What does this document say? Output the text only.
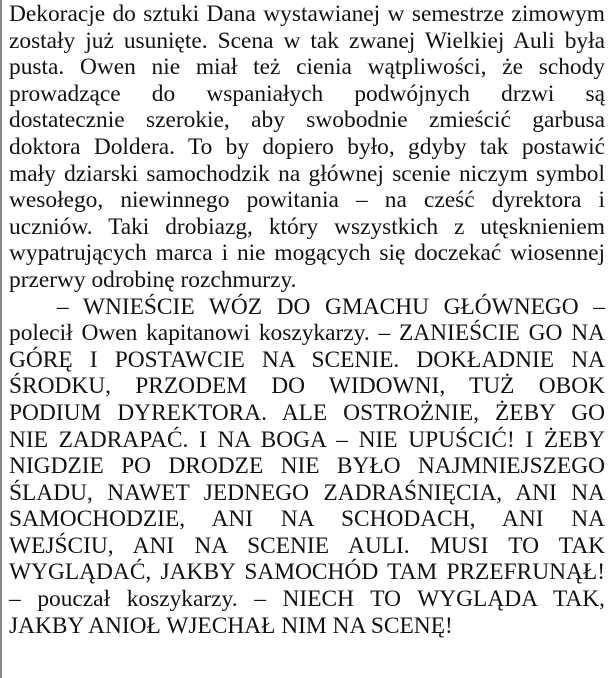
Dekoracje do sztuki Dana wystawianej w semestrze zimowym
zostały już usunięte. Scena w tak zwanej Wielkiej Auli była
pusta. Owen nie miał też cienia wątpliwości, że schody
prowadzące do wspaniałych podwójnych drzwi są
dostatecznie szerokie, aby swobodnie zmieścić garbusa
doktora Doldera. To by dopiero było, gdyby tak postawić
mały dziarski samochodzik na głównej scenie niczym symbol
wesołego, niewinnego powitania – na cześć dyrektora i
uczniów. Taki drobiazg, który wszystkich z utęsknieniem
wypatrujących marca i nie mogących się doczekać wiosennej
przerwy odrobinę rozchmurzy.
– WNIEŚCIE WÓZ DO GMACHU GŁÓWNEGO –
polecił Owen kapitanowi koszykarzy. – ZANIEŚCIE GO NA
GÓRĘ I POSTAWCIE NA SCENIE. DOKŁADNIE NA
ŚRODKU, PRZODEM DO WIDOWNI, TUŻ OBOK
PODIUM DYREKTORA. ALE OSTROŻNIE, ŻEBY GO
NIE ZADRAPAĆ. I NA BOGA – NIE UPUŚCIĆ! I ŻEBY
NIGDZIE PO DRODZE NIE BYŁO NAJMNIEJSZEGO
ŚLADU, NAWET JEDNEGO ZADRAŚNIĘCIA, ANI NA
SAMOCHODZIE, ANI NA SCHODACH, ANI NA
WEJŚCIU, ANI NA SCENIE AULI. MUSI TO TAK
WYGLĄDAĆ, JAKBY SAMOCHÓD TAM PRZEFRUNĄŁ!
– pouczał koszykarzy. – NIECH TO WYGLĄDA TAK,
JAKBY ANIOŁ WJECHAŁ NIM NA SCENĘ!
